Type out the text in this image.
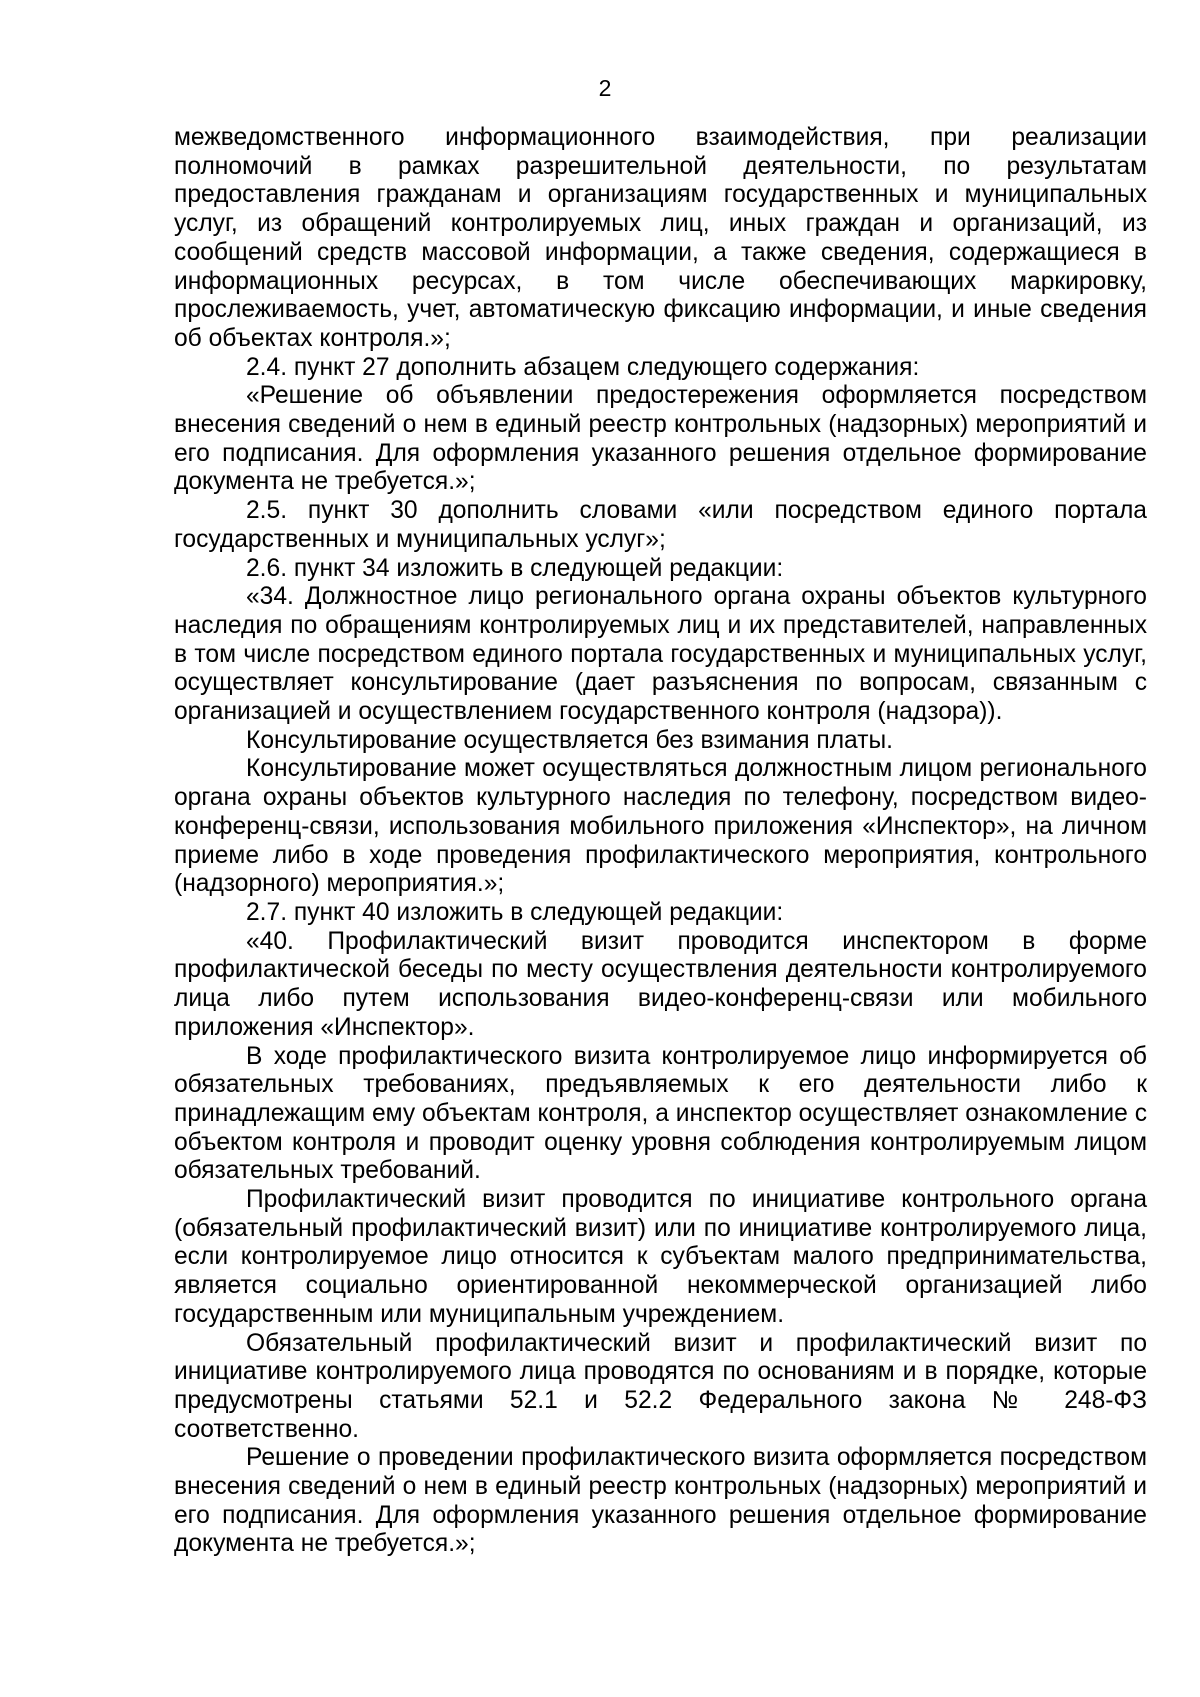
2

межведомственного информационного взаимодействия, при реализации полномочий в рамках разрешительной деятельности, по результатам предоставления гражданам и организациям государственных и муниципальных услуг, из обращений контролируемых лиц, иных граждан и организаций, из сообщений средств массовой информации, а также сведения, содержащиеся в информационных ресурсах, в том числе обеспечивающих маркировку, прослеживаемость, учет, автоматическую фиксацию информации, и иные сведения об объектах контроля.»;

2.4. пункт 27 дополнить абзацем следующего содержания:

«Решение об объявлении предостережения оформляется посредством внесения сведений о нем в единый реестр контрольных (надзорных) мероприятий и его подписания. Для оформления указанного решения отдельное формирование документа не требуется.»;

2.5. пункт 30 дополнить словами «или посредством единого портала государственных и муниципальных услуг»;

2.6. пункт 34 изложить в следующей редакции:

«34. Должностное лицо регионального органа охраны объектов культурного наследия по обращениям контролируемых лиц и их представителей, направленных в том числе посредством единого портала государственных и муниципальных услуг, осуществляет консультирование (дает разъяснения по вопросам, связанным с организацией и осуществлением государственного контроля (надзора)).

Консультирование осуществляется без взимания платы.

Консультирование может осуществляться должностным лицом регионального органа охраны объектов культурного наследия по телефону, посредством видео-конференц-связи, использования мобильного приложения «Инспектор», на личном приеме либо в ходе проведения профилактического мероприятия, контрольного (надзорного) мероприятия.»;

2.7. пункт 40 изложить в следующей редакции:

«40. Профилактический визит проводится инспектором в форме профилактической беседы по месту осуществления деятельности контролируемого лица либо путем использования видео-конференц-связи или мобильного приложения «Инспектор».

В ходе профилактического визита контролируемое лицо информируется об обязательных требованиях, предъявляемых к его деятельности либо к принадлежащим ему объектам контроля, а инспектор осуществляет ознакомление с объектом контроля и проводит оценку уровня соблюдения контролируемым лицом обязательных требований.

Профилактический визит проводится по инициативе контрольного органа (обязательный профилактический визит) или по инициативе контролируемого лица, если контролируемое лицо относится к субъектам малого предпринимательства, является социально ориентированной некоммерческой организацией либо государственным или муниципальным учреждением.

Обязательный профилактический визит и профилактический визит по инициативе контролируемого лица проводятся по основаниям и в порядке, которые предусмотрены статьями 52.1 и 52.2 Федерального закона № 248-ФЗ соответственно.

Решение о проведении профилактического визита оформляется посредством внесения сведений о нем в единый реестр контрольных (надзорных) мероприятий и его подписания. Для оформления указанного решения отдельное формирование документа не требуется.»;
